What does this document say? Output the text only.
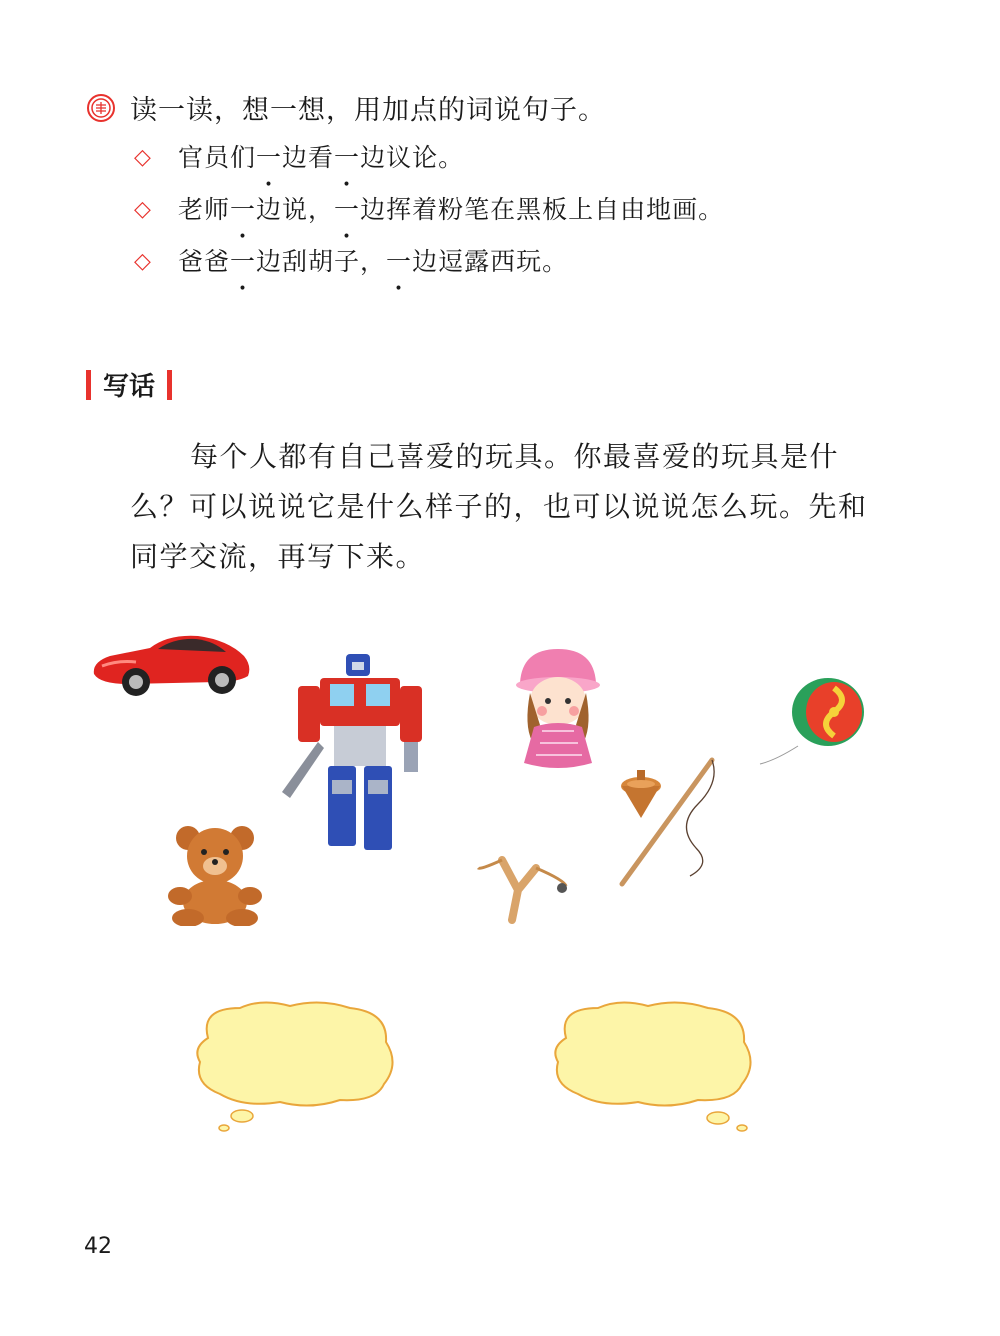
读一读，想一想，用加点的词说句子。
◇	官员们一边看一边议论。
◇	老师一边说，一边挥着粉笔在黑板上自由地画。
◇	爸爸一边刮胡子，一边逗露西玩。
写话

每个人都有自己喜爱的玩具。你最喜爱的玩具是什么？可以说说它是什么样子的，也可以说说怎么玩。先和同学交流，再写下来。

42
